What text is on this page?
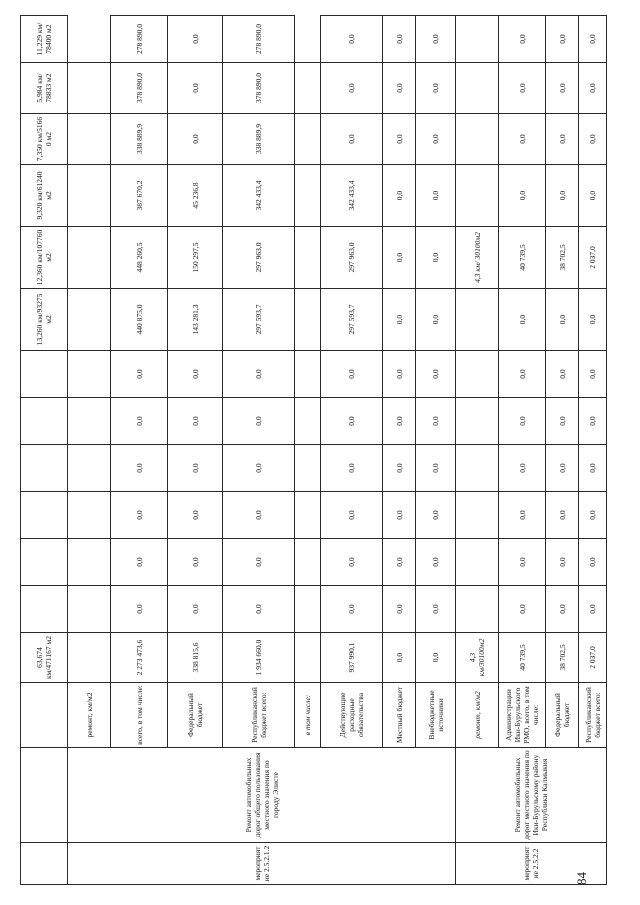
84
			63,674 км/471167 м2							13,260 км/93275 м2	12,360 км/107760 м2	9,320 км/61240 м2	7,350 км/5166 0 м2	5,984 км/ 78833 м2	11,229 км/ 78400 м2
мероприятие 2.5.2.1.2	Ремонт автомобильных дорог общего пользования местного значения по городу Элисте	ремонт, км/м2													
		всего, в том числе:	2 273 473,6	0,0	0,0	0,0	0,0	0,0	0,0	440 875,0	448 260,5	387 670,2	338 889,9	378 890,0	278 890,0
		Федеральный бюджет	338 815,6	0,0	0,0	0,0	0,0	0,0	0,0	143 281,3	150 297,5	45 236,8	0,0	0,0	0,0
		Республиканский бюджет всего:	1 934 660,0	0,0	0,0	0,0	0,0	0,0	0,0	297 593,7	297 963,0	342 433,4	338 889,9	378 890,0	278 890,0
		в том числе:													
		Действующие расходные обязательства	937 990,1	0,0	0,0	0,0	0,0	0,0	0,0	297 593,7	297 963,0	342 433,4	0,0	0,0	0,0
		Местный бюджет	0,0	0,0	0,0	0,0	0,0	0,0	0,0	0,0	0,0	0,0	0,0	0,0	0,0
		Внебюджетные источники	0,0	0,0	0,0	0,0	0,0	0,0	0,0	0,0	0,0	0,0	0,0	0,0	0,0
мероприятие 2.5.2.2	Ремонт автомобильных дорог местного значения по Ики-Бурульскому району Республики Калмыкия	ремонт, км/м2	4,3 км/30100м2								4,3 км/ 30100м2				
		Администрации Ики-Бурульского РМО, всего, в том числе:	40 739,5	0,0	0,0	0,0	0,0	0,0	0,0	0,0	40 739,5	0,0	0,0	0,0	0,0
		Федеральный бюджет	38 702,5	0,0	0,0	0,0	0,0	0,0	0,0	0,0	38 702,5	0,0	0,0	0,0	0,0
		Республиканский бюджет всего:	2 037,0	0,0	0,0	0,0	0,0	0,0	0,0	0,0	2 037,0	0,0	0,0	0,0	0,0
